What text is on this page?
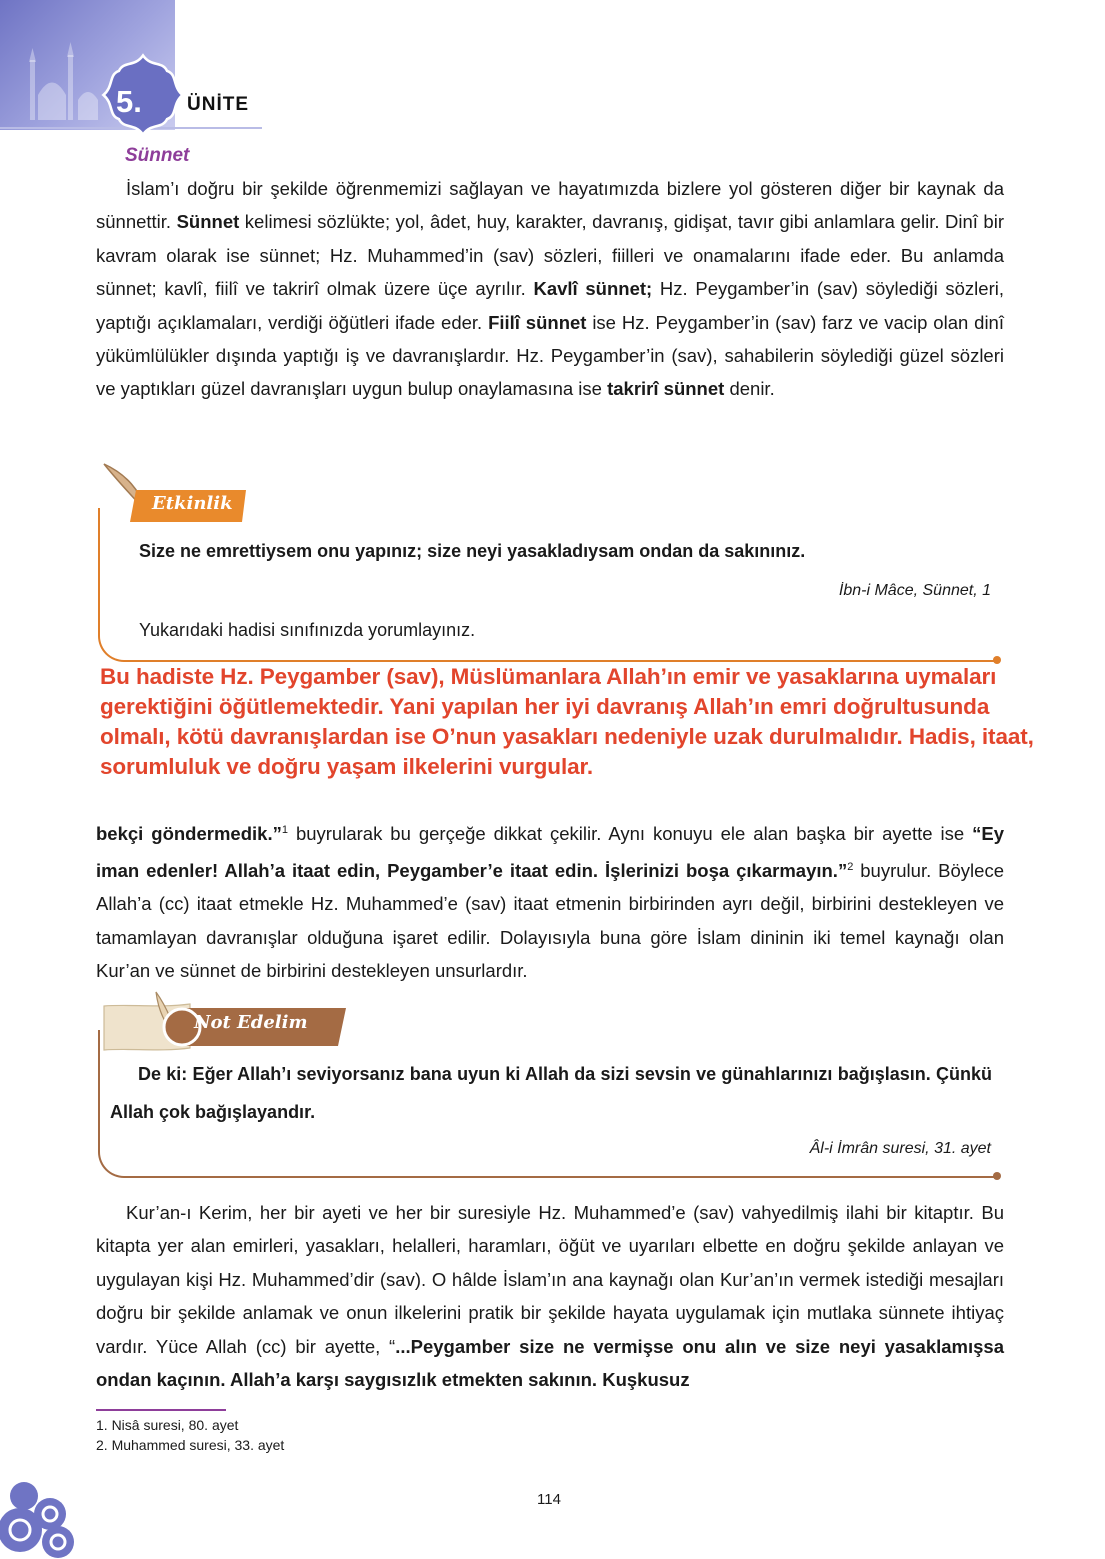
5. ÜNİTE
Sünnet

İslam’ı doğru bir şekilde öğrenmemizi sağlayan ve hayatımızda bizlere yol gösteren diğer bir kaynak da sünnettir. Sünnet kelimesi sözlükte; yol, âdet, huy, karakter, davranış, gidişat, tavır gibi anlamlara gelir. Dinî bir kavram olarak ise sünnet; Hz. Muhammed’in (sav) sözleri, fiilleri ve onamalarını ifade eder. Bu anlamda sünnet; kavlî, fiilî ve takrirî olmak üzere üçe ayrılır. Kavlî sünnet; Hz. Peygamber’in (sav) söylediği sözleri, yaptığı açıklamaları, verdiği öğütleri ifade eder. Fiilî sünnet ise Hz. Peygamber’in (sav) farz ve vacip olan dinî yükümlülükler dışında yaptığı iş ve davranışlardır. Hz. Peygamber’in (sav), sahabilerin söylediği güzel sözleri ve yaptıkları güzel davranışları uygun bulup onaylamasına ise takrirî sünnet denir.

Etkinlik
Size ne emrettiysem onu yapınız; size neyi yasakladıysam ondan da sakınınız.
İbn-i Mâce, Sünnet, 1
Yukarıdaki hadisi sınıfınızda yorumlayınız.

Bu hadiste Hz. Peygamber (sav), Müslümanlara Allah’ın emir ve yasaklarına uymaları gerektiğini öğütlemektedir. Yani yapılan her iyi davranış Allah’ın emri doğrultusunda olmalı, kötü davranışlardan ise O’nun yasakları nedeniyle uzak durulmalıdır. Hadis, itaat, sorumluluk ve doğru yaşam ilkelerini vurgular.

bekçi göndermedik.”$^1$ buyrularak bu gerçeğe dikkat çekilir. Aynı konuyu ele alan başka bir ayette ise “Ey iman edenler! Allah’a itaat edin, Peygamber’e itaat edin. İşlerinizi boşa çıkarmayın.”$^2$ buyrulur. Böylece Allah’a (cc) itaat etmekle Hz. Muhammed’e (sav) itaat etmenin birbirinden ayrı değil, birbirini destekleyen ve tamamlayan davranışlar olduğuna işaret edilir. Dolayısıyla buna göre İslam dininin iki temel kaynağı olan Kur’an ve sünnet de birbirini destekleyen unsurlardır.

Not Edelim
De ki: Eğer Allah’ı seviyorsanız bana uyun ki Allah da sizi sevsin ve günahlarınızı bağışlasın. Çünkü Allah çok bağışlayandır.
Âl-i İmrân suresi, 31. ayet

Kur’an-ı Kerim, her bir ayeti ve her bir suresiyle Hz. Muhammed’e (sav) vahyedilmiş ilahi bir kitaptır. Bu kitapta yer alan emirleri, yasakları, helalleri, haramları, öğüt ve uyarıları elbette en doğru şekilde anlayan ve uygulayan kişi Hz. Muhammed’dir (sav). O hâlde İslam’ın ana kaynağı olan Kur’an’ın vermek istediği mesajları doğru bir şekilde anlamak ve onun ilkelerini pratik bir şekilde hayata uygulamak için mutlaka sünnete ihtiyaç vardır. Yüce Allah (cc) bir ayette, “...Peygamber size ne vermişse onu alın ve size neyi yasaklamışsa ondan kaçının. Allah’a karşı saygısızlık etmekten sakının. Kuşkusuz

1. Nisâ suresi, 80. ayet
2. Muhammed suresi, 33. ayet
114
